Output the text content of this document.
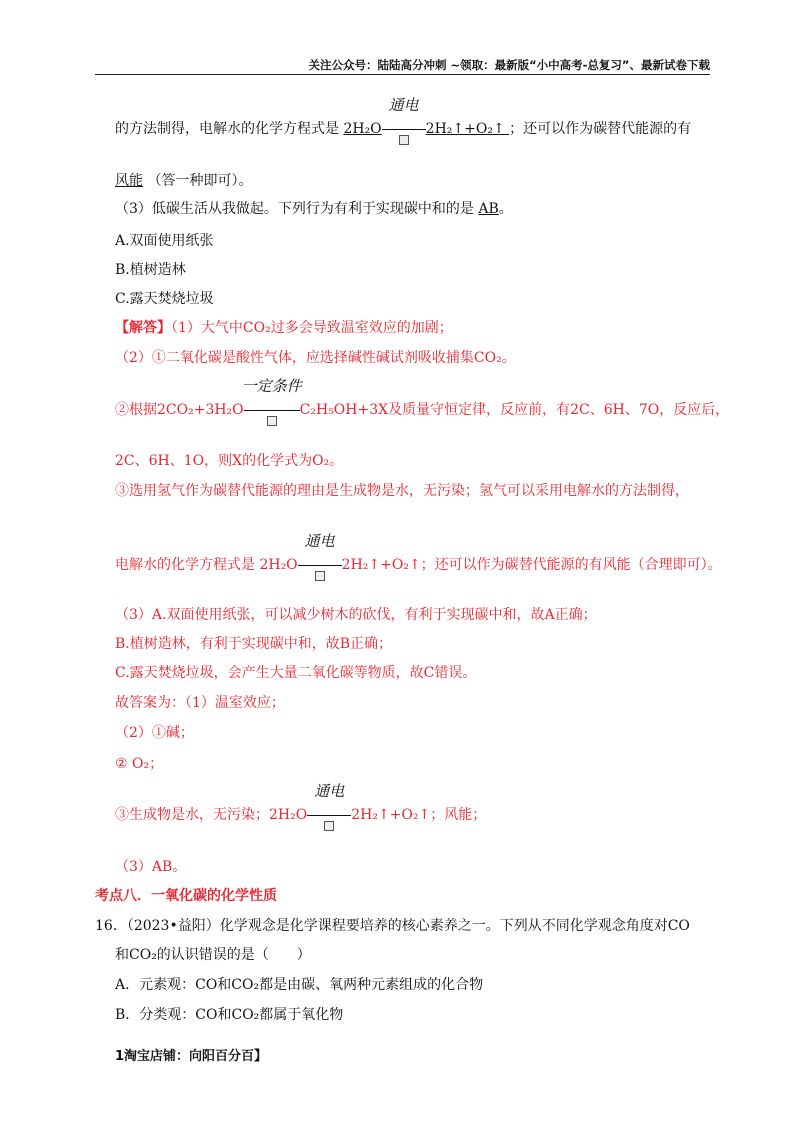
关注公众号：陆陆高分冲刺 ~领取：最新版“小中高考-总复习”、最新试卷下载
的方法制得，电解水的化学方程式是 2H₂O
通电
2H₂↑+O₂↑ ；还可以作为碳替代能源的有
风能 （答一种即可）。
（3）低碳生活从我做起。下列行为有利于实现碳中和的是 AB。
A.双面使用纸张
B.植树造林
C.露天焚烧垃圾
【解答】（1）大气中CO₂过多会导致温室效应的加剧；
（2）①二氧化碳是酸性气体，应选择碱性碱试剂吸收捕集CO₂。
②根据2CO₂+3H₂O
一定条件
C₂H₅OH+3X及质量守恒定律，反应前，有2C、6H、7O，反应后，
2C、6H、1O，则X的化学式为O₂。
③选用氢气作为碳替代能源的理由是生成物是水，无污染；氢气可以采用电解水的方法制得，
电解水的化学方程式是 2H₂O
通电
2H₂↑+O₂↑；还可以作为碳替代能源的有风能（合理即可）。
（3）A.双面使用纸张，可以减少树木的砍伐，有利于实现碳中和，故A正确；
B.植树造林，有利于实现碳中和，故B正确；
C.露天焚烧垃圾，会产生大量二氧化碳等物质，故C错误。
故答案为：（1）温室效应；
（2）①碱；
② O₂；
③生成物是水，无污染；2H₂O
通电
2H₂↑+O₂↑；风能；
（3）AB。
考点八．一氧化碳的化学性质
16．（2023•益阳）化学观念是化学课程要培养的核心素养之一。下列从不同化学观念角度对CO
和CO₂的认识错误的是（　　）
A．元素观：CO和CO₂都是由碳、氧两种元素组成的化合物
B．分类观：CO和CO₂都属于氧化物
1淘宝店铺：向阳百分百】
